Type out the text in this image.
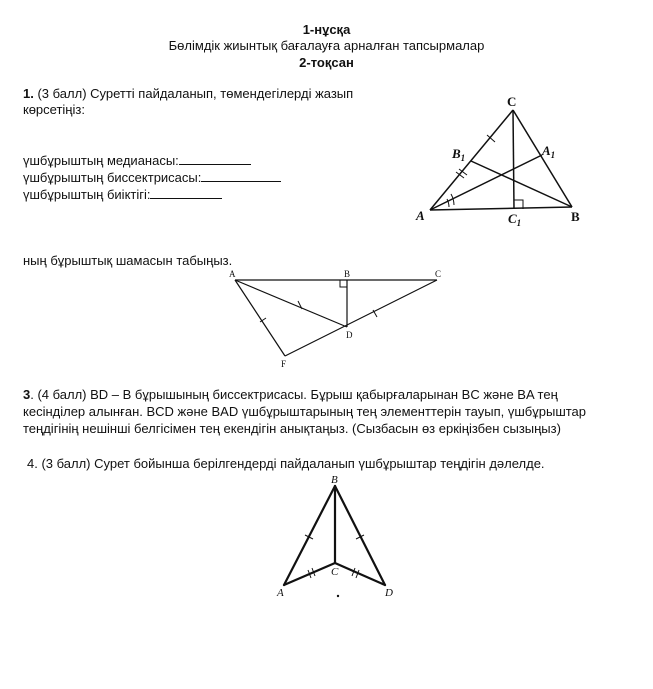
1-нұсқа
Бөлімдік жиынтық бағалауға арналған тапсырмалар
2-тоқсан
1. (3 балл) Суретті пайдаланып, төмендегілерді жазып
көрсетіңіз:
үшбұрыштың медианасы:
үшбұрыштың биссектрисасы:
үшбұрыштың биіктігі:
C
$B_1$	$A_1$
A	B
$C_1$
ның бұрыштық шамасын табыңыз.
A	B	C
D
F
3. (4 балл) BD – B бұрышының биссектрисасы. Бұрыш қабырғаларынан BC және BA тең
кесінділер алынған. BCD және BAD үшбұрыштарының тең элементтерін тауып, үшбұрыштар
теңдігінің нешінші белгісімен тең екендігін анықтаңыз. (Сызбасын өз еркіңізбен сызыңыз)
4. (3 балл) Сурет бойынша берілгендерді пайдаланып үшбұрыштар теңдігін дәлелде.
B
C
A	D
